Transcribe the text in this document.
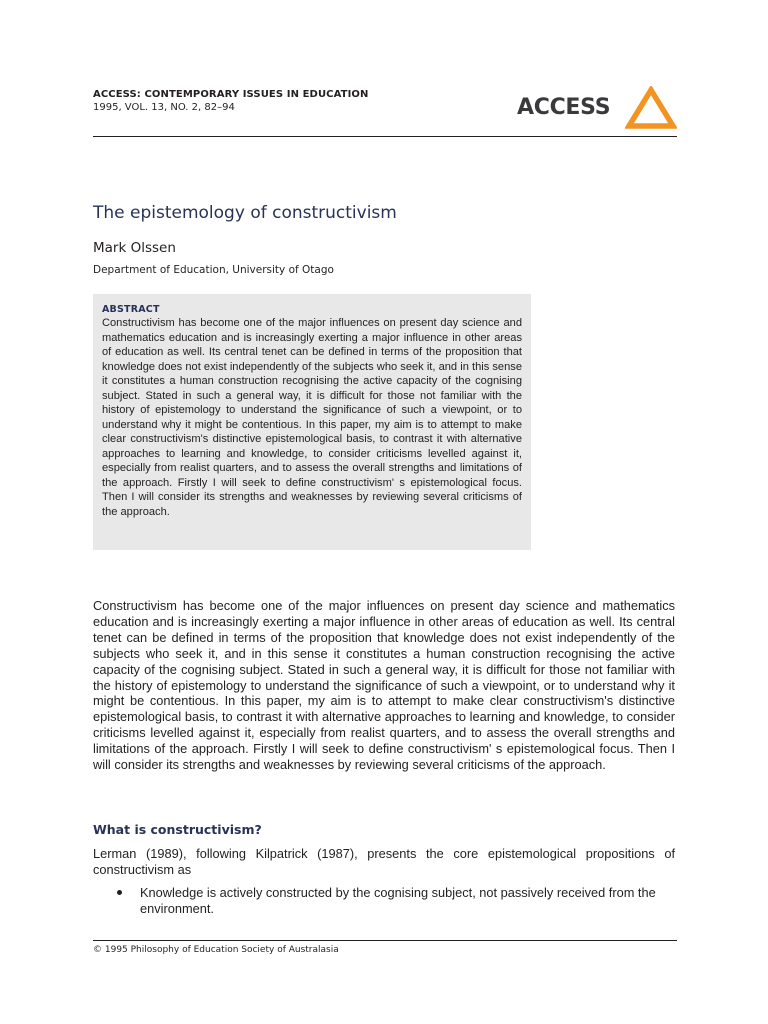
ACCESS: CONTEMPORARY ISSUES IN EDUCATION
1995, VOL. 13, NO. 2, 82–94	ACCESS
The epistemology of constructivism
Mark Olssen
Department of Education, University of Otago
ABSTRACT

Constructivism has become one of the major influences on present day science and mathematics education and is increasingly exerting a major influence in other areas of education as well. Its central tenet can be defined in terms of the proposition that knowledge does not exist independently of the subjects who seek it, and in this sense it constitutes a human construction recognising the active capacity of the cognising subject. Stated in such a general way, it is difficult for those not familiar with the history of epistemology to understand the significance of such a viewpoint, or to understand why it might be contentious. In this paper, my aim is to attempt to make clear constructivism's distinctive epistemological basis, to contrast it with alternative approaches to learning and knowledge, to consider criticisms levelled against it, especially from realist quarters, and to assess the overall strengths and limitations of the approach. Firstly I will seek to define constructivism' s epistemological focus. Then I will consider its strengths and weaknesses by reviewing several criticisms of the approach.

Constructivism has become one of the major influences on present day science and mathematics education and is increasingly exerting a major influence in other areas of education as well. Its central tenet can be defined in terms of the proposition that knowledge does not exist independently of the subjects who seek it, and in this sense it constitutes a human construction recognising the active capacity of the cognising subject. Stated in such a general way, it is difficult for those not familiar with the history of epistemology to understand the significance of such a viewpoint, or to understand why it might be contentious. In this paper, my aim is to attempt to make clear constructivism's distinctive epistemological basis, to contrast it with alternative approaches to learning and knowledge, to consider criticisms levelled against it, especially from realist quarters, and to assess the overall strengths and limitations of the approach. Firstly I will seek to define constructivism' s epistemological focus. Then I will consider its strengths and weaknesses by reviewing several criticisms of the approach.

What is constructivism?

Lerman (1989), following Kilpatrick (1987), presents the core epistemological propositions of constructivism as

Knowledge is actively constructed by the cognising subject, not passively received from the environment.
© 1995 Philosophy of Education Society of Australasia
